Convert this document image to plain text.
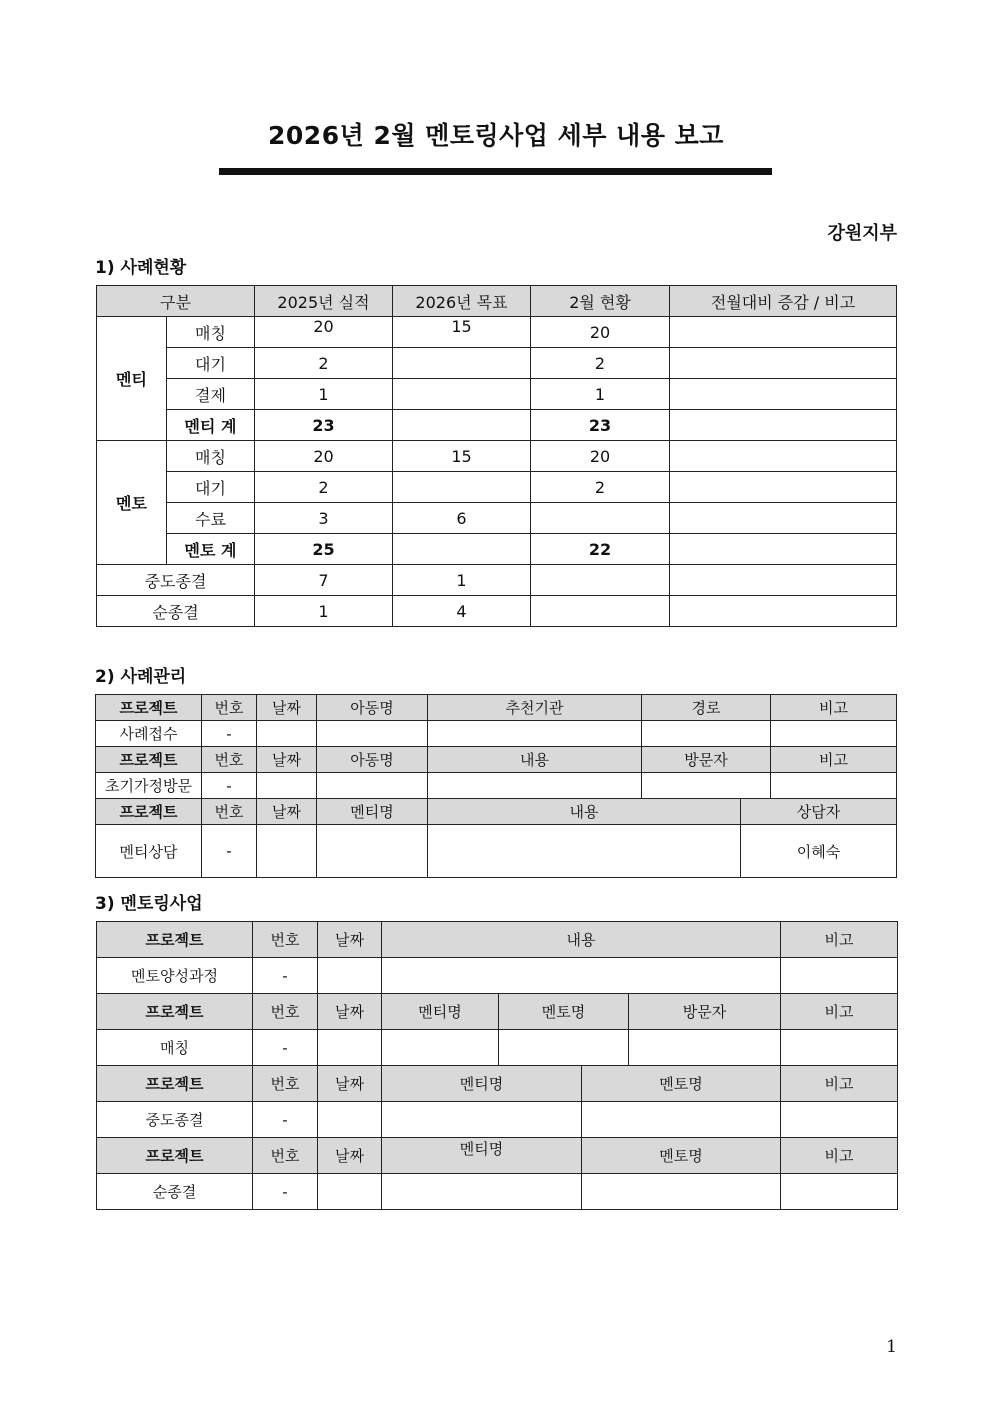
2026년 2월 멘토링사업 세부 내용 보고
강원지부
1) 사례현황
구분		2025년 실적	2026년 목표	2월 현황	전월대비 증감 / 비고
멘티	매칭	20	15	20	
	대기	2		2	
	결제	1		1	
	멘티 계	23		23	
멘토	매칭	20	15	20	
	대기	2		2	
	수료	3	6		
	멘토 계	25		22	
중도종결		7	1		
순종결		1	4		
2) 사례관리
프로젝트	번호	날짜	아동명	추천기관	경로		비고
사례접수	-						
프로젝트	번호	날짜	아동명	내용	방문자		비고
초기가정방문	-						
프로젝트	번호	날짜	멘티명	내용		상담자	
멘티상담	-					이혜숙	
3) 멘토링사업
프로젝트	번호	날짜	내용				비고
멘토양성과정	-						
프로젝트	번호	날짜	멘티명	멘토명		방문자	비고
매칭	-						
프로젝트	번호	날짜	멘티명		멘토명		비고
중도종결	-						
프로젝트	번호	날짜	멘티명		멘토명		비고
순종결	-						
1
